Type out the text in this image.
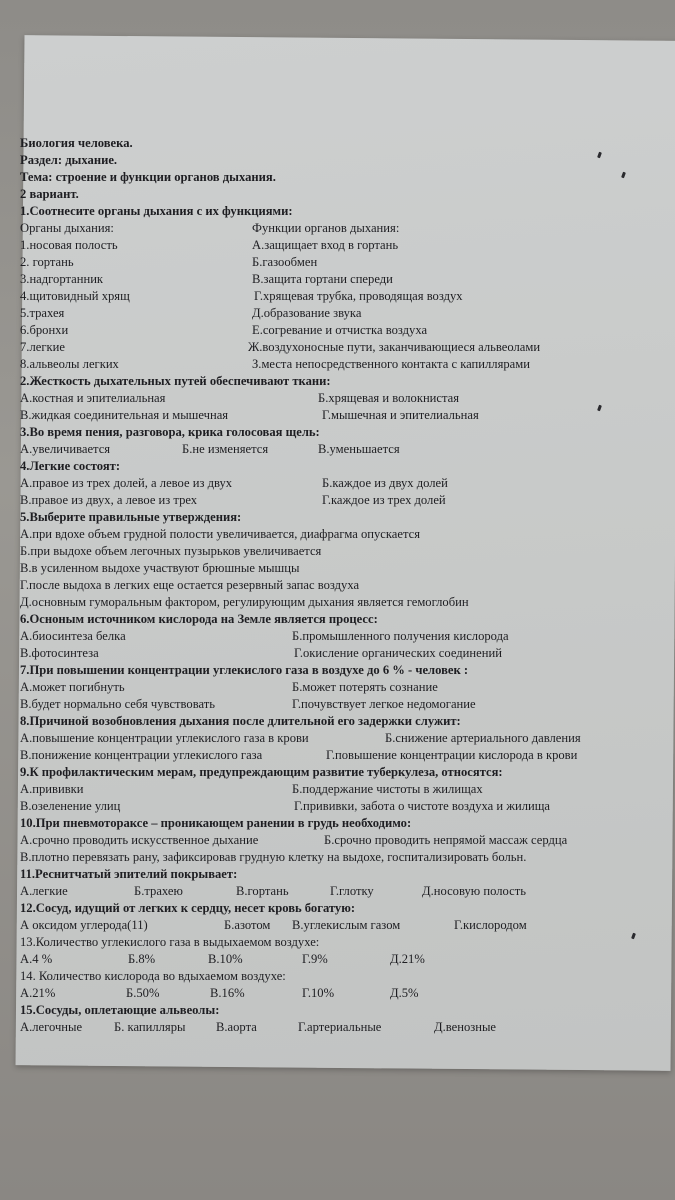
Биология человека.
Раздел: дыхание.
Тема: строение и функции органов дыхания.
2 вариант.
1.Соотнесите органы дыхания с их функциями:
Органы дыхания:	Функции органов дыхания:
1.носовая полость	А.защищает вход в гортань
2. гортань	Б.газообмен
3.надгортанник	В.защита гортани спереди
4.щитовидный хрящ	Г.хрящевая трубка, проводящая воздух
5.трахея	Д.образование звука
6.бронхи	Е.согревание и отчистка воздуха
7.легкие	Ж.воздухоносные пути, заканчивающиеся альвеолами
8.альвеолы легких	З.места непосредственного контакта с капиллярами
2.Жесткость дыхательных путей обеспечивают ткани:
А.костная и эпителиальная	Б.хрящевая и волокнистая
В.жидкая соединительная и мышечная	Г.мышечная и эпителиальная
3.Во время пения, разговора, крика голосовая щель:
А.увеличивается	Б.не изменяется	В.уменьшается
4.Легкие состоят:
А.правое из трех долей, а левое из двух	Б.каждое из двух долей
В.правое из двух, а левое из трех	Г.каждое из трех долей
5.Выберите правильные утверждения:
А.при вдохе объем грудной полости увеличивается, диафрагма опускается
Б.при выдохе объем легочных пузырьков увеличивается
В.в усиленном выдохе участвуют брюшные мышцы
Г.после выдоха в легких еще остается резервный запас воздуха
Д.основным гуморальным фактором, регулирующим дыхания является гемоглобин
6.Осноным источником кислорода на Земле является процесс:
А.биосинтеза белка	Б.промышленного получения кислорода
В.фотосинтеза	Г.окисление органических соединений
7.При повышении концентрации углекислого газа в воздухе до 6 % - человек :
А.может погибнуть	Б.может потерять сознание
В.будет нормально себя чувствовать	Г.почувствует легкое недомогание
8.Причиной возобновления дыхания после длительной его задержки служит:
А.повышение концентрации углекислого газа в крови	Б.снижение артериального давления
В.понижение концентрации углекислого газа	Г.повышение концентрации кислорода в крови
9.К профилактическим мерам, предупреждающим развитие туберкулеза, относятся:
А.прививки	Б.поддержание чистоты в жилищах
В.озеленение улиц	Г.прививки, забота о чистоте воздуха и жилища
10.При пневмотораксе – проникающем ранении в грудь необходимо:
А.срочно проводить искусственное дыхание	Б.срочно проводить непрямой массаж сердца
В.плотно перевязать рану, зафиксировав грудную клетку на выдохе, госпитализировать больн.
11.Реснитчатый эпителий покрывает:
А.легкие	Б.трахею	В.гортань	Г.глотку	Д.носовую полость
12.Сосуд, идущий от легких к сердцу, несет кровь богатую:
А оксидом углерода(11)	Б.азотом В.углекислым газом	Г.кислородом
13.Количество углекислого газа в выдыхаемом воздухе:
А.4 %	Б.8%	В.10%	Г.9%	Д.21%
14. Количество кислорода во вдыхаемом воздухе:
А.21%	Б.50%	В.16%	Г.10%	Д.5%
15.Сосуды, оплетающие альвеолы:
А.легочные	Б. капилляры В.аорта	Г.артериальные	Д.венозные
